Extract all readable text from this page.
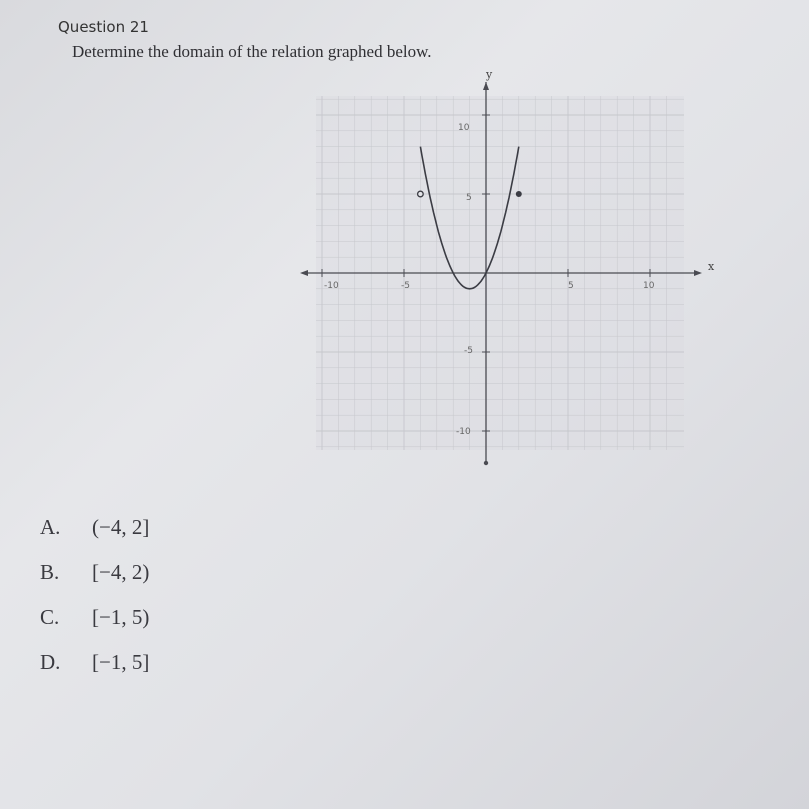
Question 21
Determine the domain of the relation graphed below.
x
y
-10	-5	5	10
10
5
-5
-10
A.	(−4, 2]
B.	[−4, 2)
C.	[−1, 5)
D.	[−1, 5]
